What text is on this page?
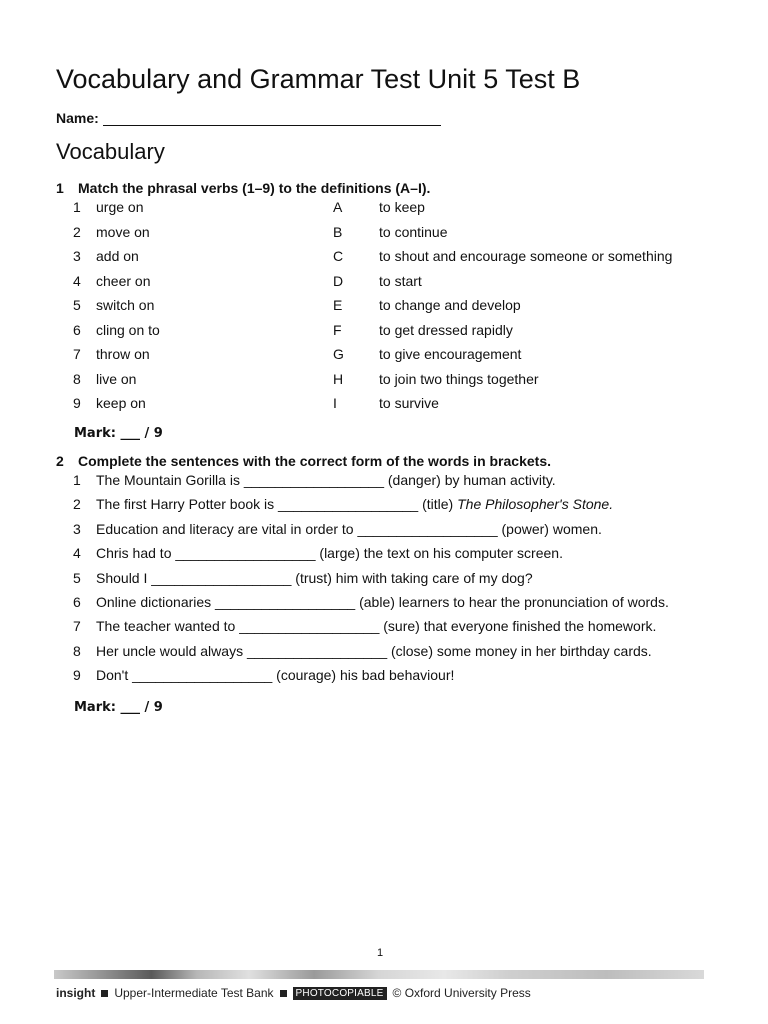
Vocabulary and Grammar Test Unit 5 Test B
Name:
Vocabulary
1 Match the phrasal verbs (1–9) to the definitions (A–I).
1 urge on	A	to keep
2 move on	B	to continue
3 add on	C	to shout and encourage someone or something
4 cheer on	D	to start
5 switch on	E	to change and develop
6 cling on to	F	to get dressed rapidly
7 throw on	G	to give encouragement
8 live on	H	to join two things together
9 keep on	I	to survive
Mark: ___ / 9
2 Complete the sentences with the correct form of the words in brackets.
1 The Mountain Gorilla is __________________ (danger) by human activity.
2 The first Harry Potter book is __________________ (title) The Philosopher's Stone.
3 Education and literacy are vital in order to __________________ (power) women.
4 Chris had to __________________ (large) the text on his computer screen.
5 Should I __________________ (trust) him with taking care of my dog?
6 Online dictionaries __________________ (able) learners to hear the pronunciation of words.
7 The teacher wanted to __________________ (sure) that everyone finished the homework.
8 Her uncle would always __________________ (close) some money in her birthday cards.
9 Don't __________________ (courage) his bad behaviour!
Mark: ___ / 9
1
insight Upper-Intermediate Test Bank	PHOTOCOPIABLE © Oxford University Press
